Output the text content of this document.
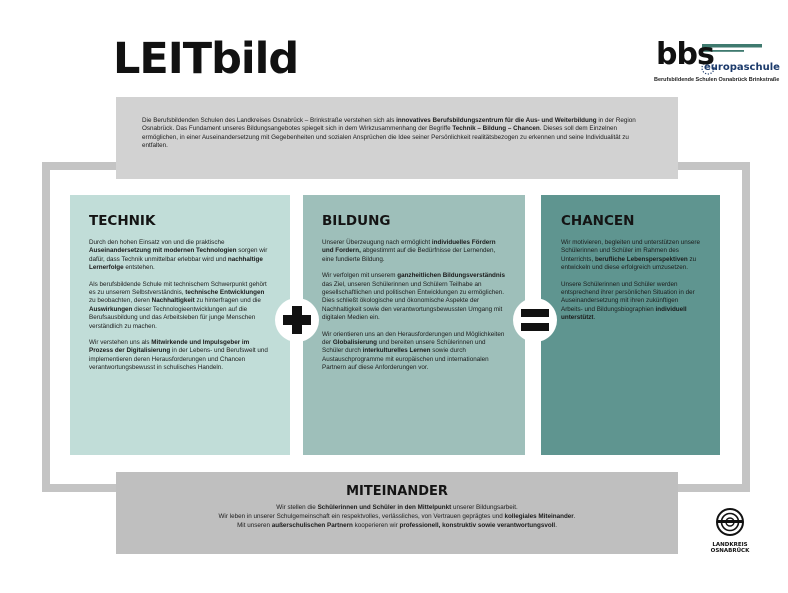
LEITbild	bbs
europaschule
Berufsbildende Schulen Osnabrück Brinkstraße

Die Berufsbildenden Schulen des Landkreises Osnabrück – Brinkstraße verstehen sich als innovatives Berufsbildungszentrum für die Aus- und Weiterbildung in der Region Osnabrück. Das Fundament unseres Bildungsangebotes spiegelt sich in dem Wirkzusammenhang der Begriffe Technik – Bildung – Chancen. Dieses soll dem Einzelnen ermöglichen, in einer Auseinandersetzung mit Gegebenheiten und sozialen Ansprüchen die Idee seiner Persönlichkeit realitätsbezogen zu erkennen und seine Individualität zu entfalten.

TECHNIK

Durch den hohen Einsatz von und die praktische Auseinandersetzung mit modernen Technologien sorgen wir dafür, dass Technik unmittelbar erlebbar wird und nachhaltige Lernerfolge entstehen.

Als berufsbildende Schule mit technischem Schwerpunkt gehört es zu unserem Selbstverständnis, technische Entwicklungen zu beobachten, deren Nachhaltigkeit zu hinterfragen und die Auswirkungen dieser Technologieentwicklungen auf die Berufsausbildung und das Arbeitsleben für junge Menschen verständlich zu machen.

Wir verstehen uns als Mitwirkende und Impulsgeber im Prozess der Digitalisierung in der Lebens- und Berufswelt und implementieren deren Herausforderungen und Chancen verantwortungsbewusst in schulisches Handeln.

BILDUNG

Unserer Überzeugung nach ermöglicht individuelles Fördern und Fordern, abgestimmt auf die Bedürfnisse der Lernenden, eine fundierte Bildung.

Wir verfolgen mit unserem ganzheitlichen Bildungsverständnis das Ziel, unseren Schülerinnen und Schülern Teilhabe an gesellschaftlichen und politischen Entwicklungen zu ermöglichen. Dies schließt ökologische und ökonomische Aspekte der Nachhaltigkeit sowie den verantwortungsbewussten Umgang mit digitalen Medien ein.

Wir orientieren uns an den Herausforderungen und Möglichkeiten der Globalisierung und bereiten unsere Schülerinnen und Schüler durch interkulturelles Lernen sowie durch Austauschprogramme mit europäischen und internationalen Partnern auf diese Anforderungen vor.

CHANCEN

Wir motivieren, begleiten und unterstützen unsere Schülerinnen und Schüler im Rahmen des Unterrichts, berufliche Lebensperspektiven zu entwickeln und diese erfolgreich umzusetzen.

Unsere Schülerinnen und Schüler werden entsprechend ihrer persönlichen Situation in der Auseinandersetzung mit ihren zukünftigen Arbeits- und Bildungsbiographien individuell unterstützt.

MITEINANDER

Wir stellen die Schülerinnen und Schüler in den Mittelpunkt unserer Bildungsarbeit.

Wir leben in unserer Schulgemeinschaft ein respektvolles, verlässliches, von Vertrauen geprägtes und kollegiales Miteinander.

Mit unseren außerschulischen Partnern kooperieren wir professionell, konstruktiv sowie verantwortungsvoll.

LANDKREIS
OSNABRÜCK
